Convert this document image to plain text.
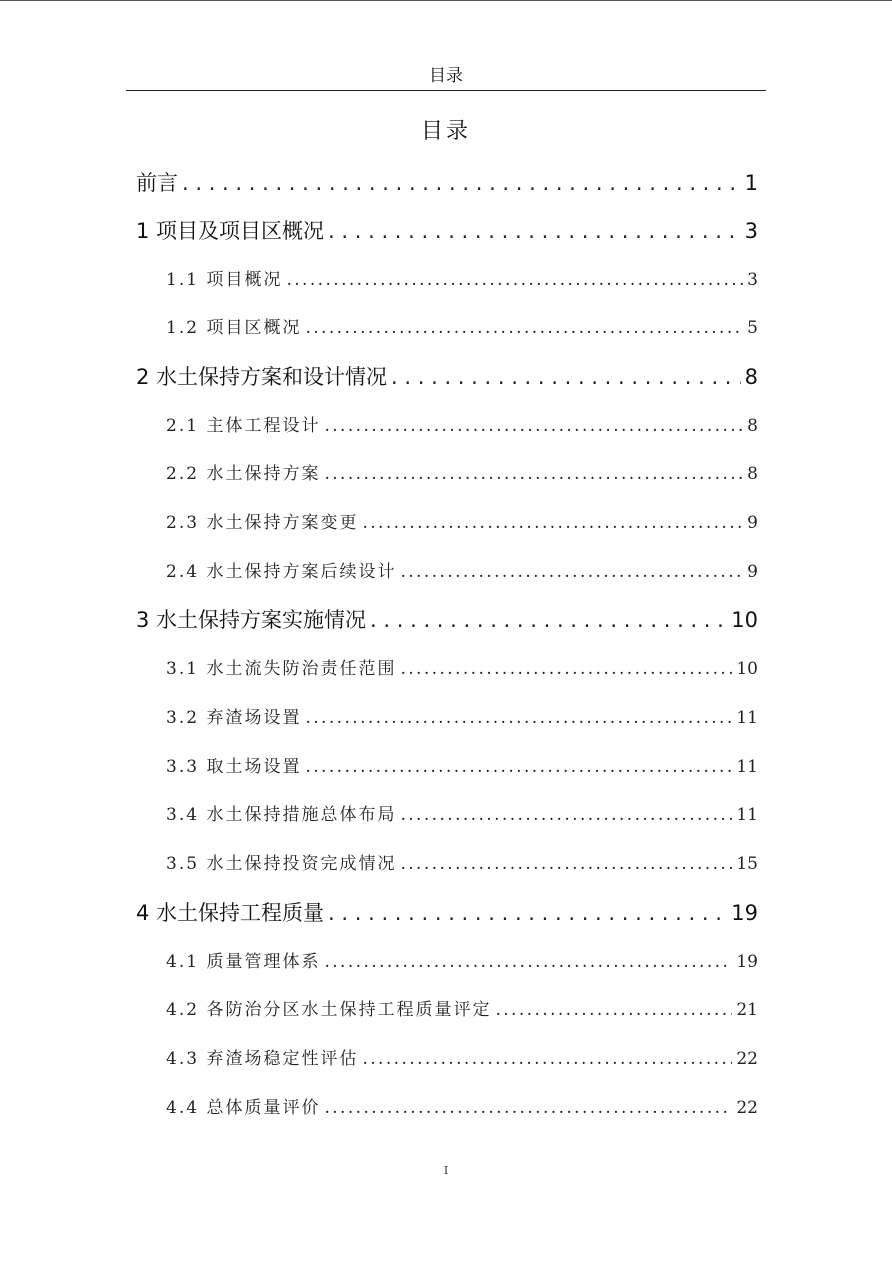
目录
目录
前言 . . .	1
1 项目及项目区概况 . . .	3
1.1 项目概况 .....	3
1.2 项目区概况 .....	5
2 水土保持方案和设计情况 . . .	8
2.1 主体工程设计 .....	8
2.2 水土保持方案 .....	8
2.3 水土保持方案变更 .....	9
2.4 水土保持方案后续设计 .....	9
3 水土保持方案实施情况 . . .	10
3.1 水土流失防治责任范围 .....	10
3.2 弃渣场设置 .....	11
3.3 取土场设置 .....	11
3.4 水土保持措施总体布局 .....	11
3.5 水土保持投资完成情况 .....	15
4 水土保持工程质量 . . .	19
4.1 质量管理体系 .....	19
4.2 各防治分区水土保持工程质量评定 .....	21
4.3 弃渣场稳定性评估 .....	22
4.4 总体质量评价 .....	22
I
